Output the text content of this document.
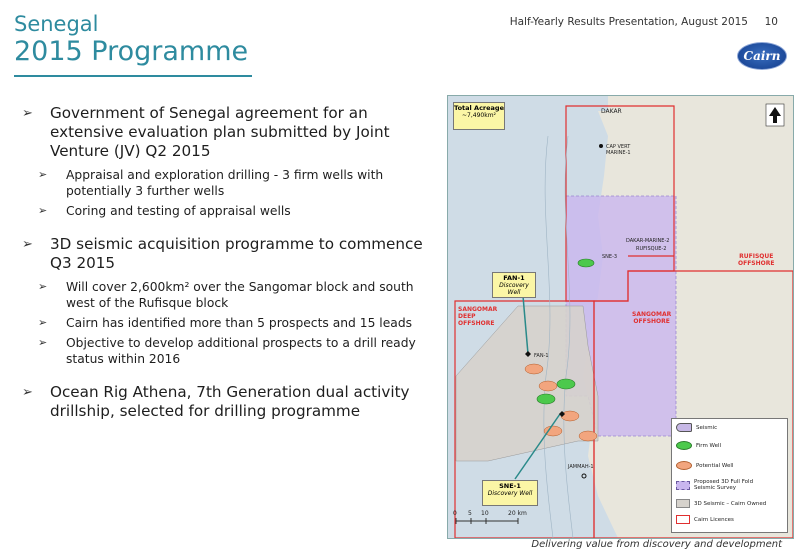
Senegal
2015 Programme
Half-Yearly Results Presentation, August 2015 10
Cairn
➢ Government of Senegal agreement for an extensive evaluation plan submitted by Joint Venture (JV) Q2 2015
➢ Appraisal and exploration drilling - 3 firm wells with potentially 3 further wells
➢ Coring and testing of appraisal wells
➢ 3D seismic acquisition programme to commence Q3 2015
➢ Will cover 2,600km² over the Sangomar block and south west of the Rufisque block
➢ Cairn has identified more than 5 prospects and 15 leads
➢ Objective to develop additional prospects to a drill ready status within 2016
➢ Ocean Rig Athena, 7th Generation dual activity drillship, selected for drilling programme
Total Acreage
~7,490km²
DAKAR
CAP VERT
MARINE-1
DAKAR-MARINE-2
RUFISQUE-2
SNE-3	RUFISQUE
OFFSHORE
SANGOMAR
OFFSHORE
SANGOMAR
DEEP
OFFSHORE
FAN-1
Discovery Well
FAN-1
SNE-1
Discovery Well
JAMMAH-1
0 5 10	20 km
Seismic
Firm Well
Potential Well
Proposed 3D Full Fold
Seismic Survey
3D Seismic – Cairn Owned
Cairn Licences
Delivering value from discovery and development
